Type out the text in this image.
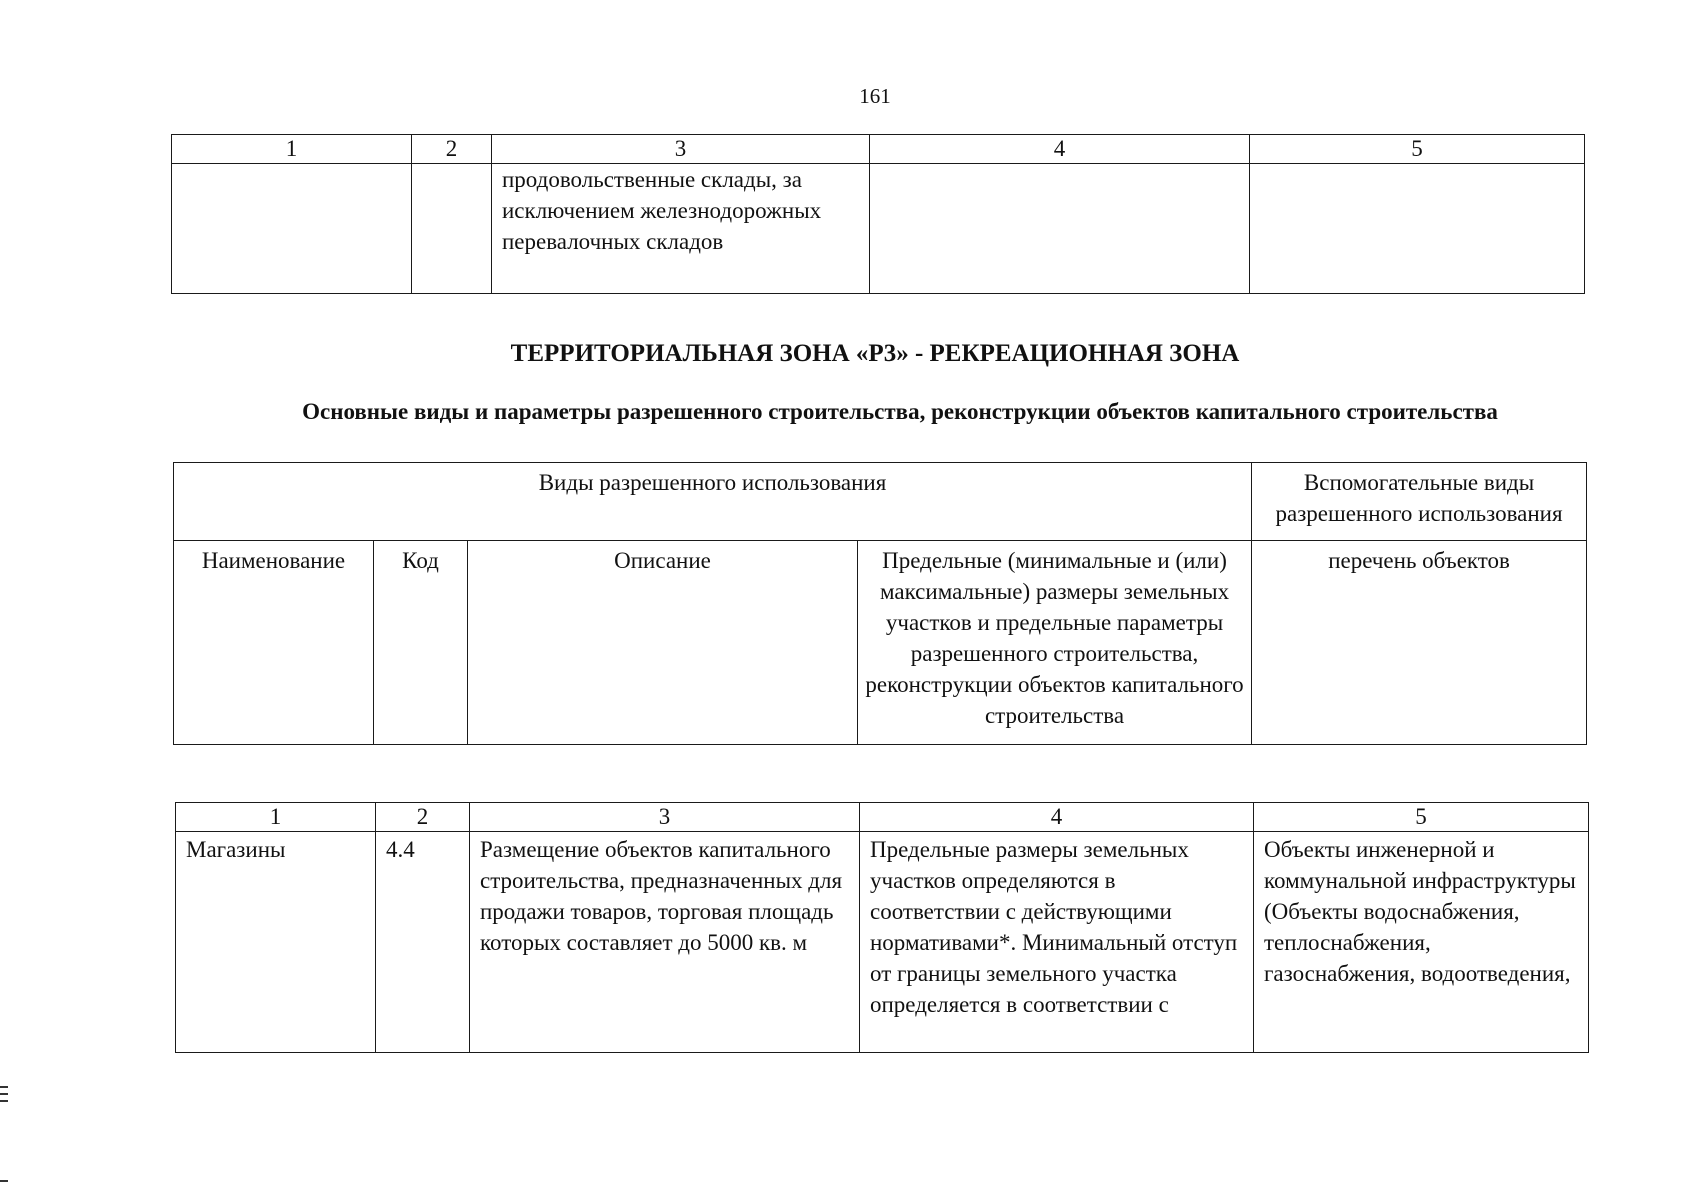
161
1	2	3	4	5
		продовольственные склады, за исключением железнодорожных перевалочных складов		
ТЕРРИТОРИАЛЬНАЯ ЗОНА «Р3» - РЕКРЕАЦИОННАЯ ЗОНА
Основные виды и параметры разрешенного строительства, реконструкции объектов капитального строительства
Виды разрешенного использования				Вспомогательные виды разрешенного использования
Наименование	Код	Описание	Предельные (минимальные и (или) максимальные) размеры земельных участков и предельные параметры разрешенного строительства, реконструкции объектов капитального строительства	перечень объектов
1	2	3	4	5
Магазины	4.4	Размещение объектов капитального строительства, предназначенных для продажи товаров, торговая площадь которых составляет до 5000 кв. м	Предельные размеры земельных участков определяются в соответствии с действующими нормативами*. Минимальный отступ от границы земельного участка определяется в соответствии с	Объекты инженерной и коммунальной инфраструктуры (Объекты водоснабжения, теплоснабжения, газоснабжения, водоотведения,
